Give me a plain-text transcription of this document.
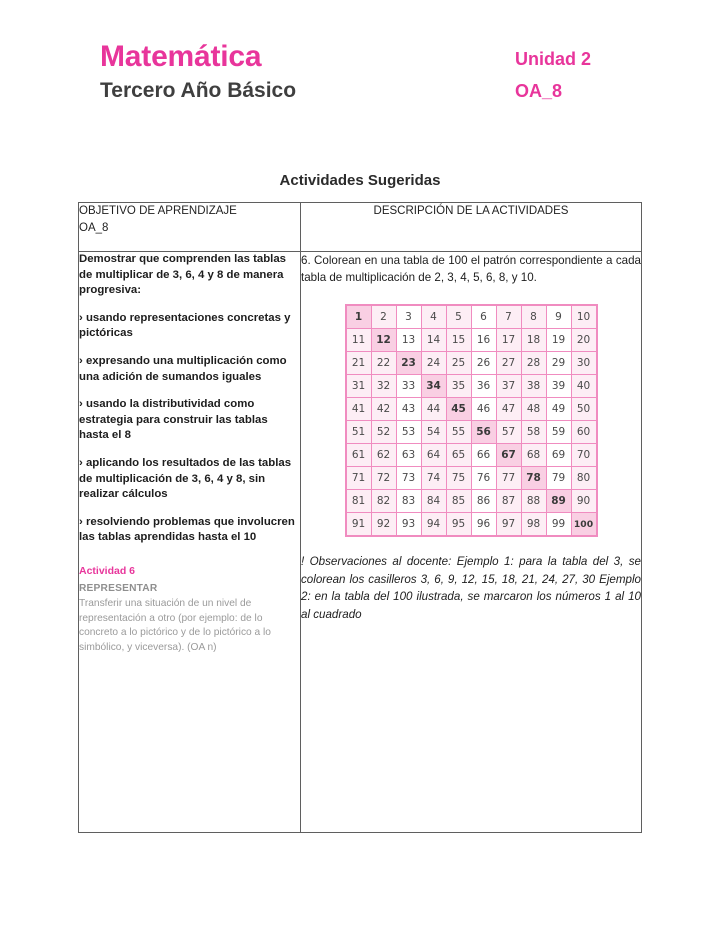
Matemática
Tercero Año Básico
Unidad 2
OA_8
Actividades Sugeridas
OBJETIVO DE APRENDIZAJE
OA_8

DESCRIPCIÓN DE LA ACTIVIDADES

Demostrar que comprenden las tablas de multiplicar de 3, 6, 4 y 8 de manera progresiva:

› usando representaciones concretas y pictóricas

› expresando una multiplicación como una adición de sumandos iguales

› usando la distributividad como estrategia para construir las tablas hasta el 8

› aplicando los resultados de las tablas de multiplicación de 3, 6, 4 y 8, sin realizar cálculos

› resolviendo problemas que involucren las tablas aprendidas hasta el 10

Actividad 6
REPRESENTAR
Transferir una situación de un nivel de representación a otro (por ejemplo: de lo concreto a lo pictórico y de lo pictórico a lo simbólico, y viceversa). (OA n)

6. Colorean en una tabla de 100 el patrón correspondiente a cada tabla de multiplicación de 2, 3, 4, 5, 6, 8, y 10.

1	2	3	4	5	6	7	8	9	10
11	12	13	14	15	16	17	18	19	20
21	22	23	24	25	26	27	28	29	30
31	32	33	34	35	36	37	38	39	40
41	42	43	44	45	46	47	48	49	50
51	52	53	54	55	56	57	58	59	60
61	62	63	64	65	66	67	68	69	70
71	72	73	74	75	76	77	78	79	80
81	82	83	84	85	86	87	88	89	90
91	92	93	94	95	96	97	98	99	100

! Observaciones al docente: Ejemplo 1: para la tabla del 3, se colorean los casilleros 3, 6, 9, 12, 15, 18, 21, 24, 27, 30 Ejemplo 2: en la tabla del 100 ilustrada, se marcaron los números 1 al 10 al cuadrado
